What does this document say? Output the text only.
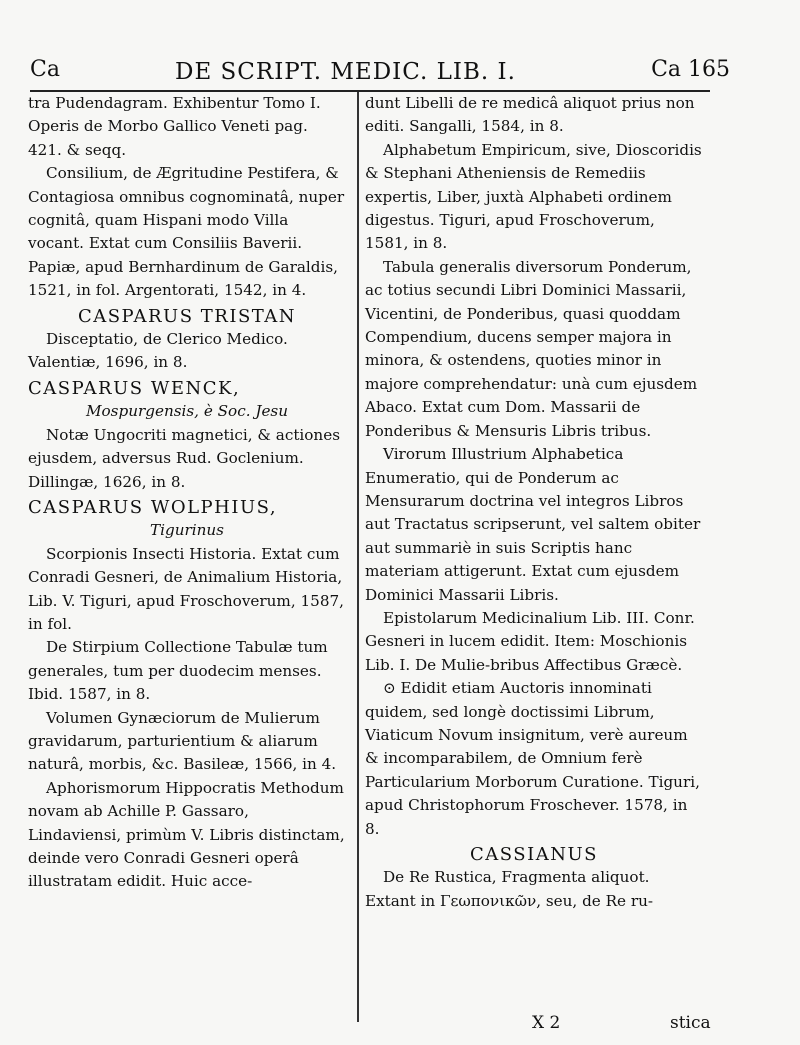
Ca	DE SCRIPT. MEDIC. LIB. I.	Ca 165

tra Pudendagram. Exhibentur Tomo I. Operis de Morbo Gallico Veneti pag. 421. & seqq.

Consilium, de Ægritudine Pestifera, & Contagiosa omnibus cognominatâ, nuper cognitâ, quam Hispani modo Villa vocant. Extat cum Consiliis Baverii. Papiæ, apud Bernhardinum de Garaldis, 1521, in fol. Argentorati, 1542, in 4.

CASPARUS TRISTAN

Disceptatio, de Clerico Medico. Valentiæ, 1696, in 8.

CASPARUS WENCK,

Mospurgensis, è Soc. Jesu

Notæ Ungocriti magnetici, & actiones ejusdem, adversus Rud. Goclenium. Dillingæ, 1626, in 8.

CASPARUS WOLPHIUS,

Tigurinus

Scorpionis Insecti Historia. Extat cum Conradi Gesneri, de Animalium Historia, Lib. V. Tiguri, apud Froschoverum, 1587, in fol.

De Stirpium Collectione Tabulæ tum generales, tum per duodecim menses. Ibid. 1587, in 8.

Volumen Gynæciorum de Mulierum gravidarum, parturientium & aliarum naturâ, morbis, &c. Basileæ, 1566, in 4.

Aphorismorum Hippocratis Methodum novam ab Achille P. Gassaro, Lindaviensi, primùm V. Libris distinctam, deinde vero Conradi Gesneri operâ illustratam edidit. Huic acce-

dunt Libelli de re medicâ aliquot prius non editi. Sangalli, 1584, in 8.

Alphabetum Empiricum, sive, Dioscoridis & Stephani Atheniensis de Remediis expertis, Liber, juxtà Alphabeti ordinem digestus. Tiguri, apud Froschoverum, 1581, in 8.

Tabula generalis diversorum Ponderum, ac totius secundi Libri Dominici Massarii, Vicentini, de Ponderibus, quasi quoddam Compendium, ducens semper majora in minora, & ostendens, quoties minor in majore comprehendatur: unà cum ejusdem Abaco. Extat cum Dom. Massarii de Ponderibus & Mensuris Libris tribus.

Virorum Illustrium Alphabetica Enumeratio, qui de Ponderum ac Mensurarum doctrina vel integros Libros aut Tractatus scripserunt, vel saltem obiter aut summariè in suis Scriptis hanc materiam attigerunt. Extat cum ejusdem Dominici Massarii Libris.

Epistolarum Medicinalium Lib. III. Conr. Gesneri in lucem edidit. Item: Moschionis Lib. I. De Mulie-bribus Affectibus Græcè.

⊙ Edidit etiam Auctoris innominati quidem, sed longè doctissimi Librum, Viaticum Novum insignitum, verè aureum & incomparabilem, de Omnium ferè Particularium Morborum Curatione. Tiguri, apud Christophorum Froschever. 1578, in 8.

CASSIANUS

De Re Rustica, Fragmenta aliquot. Extant in Γεωπονικῶν, seu, de Re ru-

X 2	stica
